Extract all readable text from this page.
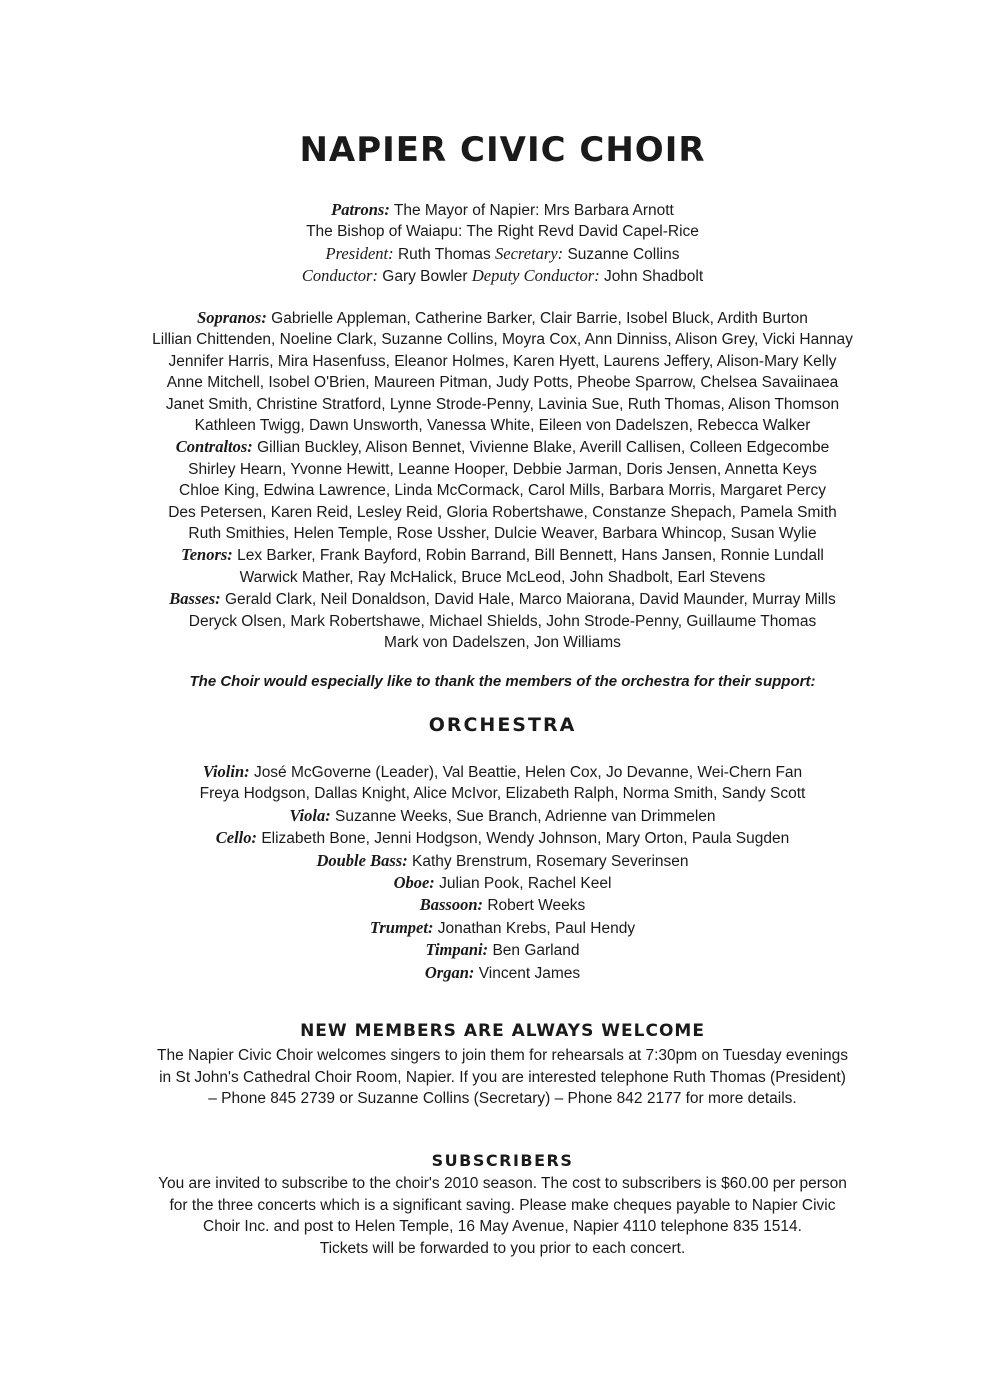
NAPIER CIVIC CHOIR
Patrons: The Mayor of Napier: Mrs Barbara Arnott
The Bishop of Waiapu: The Right Revd David Capel-Rice
President: Ruth Thomas Secretary: Suzanne Collins
Conductor: Gary Bowler Deputy Conductor: John Shadbolt
Sopranos: Gabrielle Appleman, Catherine Barker, Clair Barrie, Isobel Bluck, Ardith Burton
Lillian Chittenden, Noeline Clark, Suzanne Collins, Moyra Cox, Ann Dinniss, Alison Grey, Vicki Hannay
Jennifer Harris, Mira Hasenfuss, Eleanor Holmes, Karen Hyett, Laurens Jeffery, Alison-Mary Kelly
Anne Mitchell, Isobel O'Brien, Maureen Pitman, Judy Potts, Pheobe Sparrow, Chelsea Savaiinaea
Janet Smith, Christine Stratford, Lynne Strode-Penny, Lavinia Sue, Ruth Thomas, Alison Thomson
Kathleen Twigg, Dawn Unsworth, Vanessa White, Eileen von Dadelszen, Rebecca Walker
Contraltos: Gillian Buckley, Alison Bennet, Vivienne Blake, Averill Callisen, Colleen Edgecombe
Shirley Hearn, Yvonne Hewitt, Leanne Hooper, Debbie Jarman, Doris Jensen, Annetta Keys
Chloe King, Edwina Lawrence, Linda McCormack, Carol Mills, Barbara Morris, Margaret Percy
Des Petersen, Karen Reid, Lesley Reid, Gloria Robertshawe, Constanze Shepach, Pamela Smith
Ruth Smithies, Helen Temple, Rose Ussher, Dulcie Weaver, Barbara Whincop, Susan Wylie
Tenors: Lex Barker, Frank Bayford, Robin Barrand, Bill Bennett, Hans Jansen, Ronnie Lundall
Warwick Mather, Ray McHalick, Bruce McLeod, John Shadbolt, Earl Stevens
Basses: Gerald Clark, Neil Donaldson, David Hale, Marco Maiorana, David Maunder, Murray Mills
Deryck Olsen, Mark Robertshawe, Michael Shields, John Strode-Penny, Guillaume Thomas
Mark von Dadelszen, Jon Williams
The Choir would especially like to thank the members of the orchestra for their support:
ORCHESTRA
Violin: José McGoverne (Leader), Val Beattie, Helen Cox, Jo Devanne, Wei-Chern Fan
Freya Hodgson, Dallas Knight, Alice McIvor, Elizabeth Ralph, Norma Smith, Sandy Scott
Viola: Suzanne Weeks, Sue Branch, Adrienne van Drimmelen
Cello: Elizabeth Bone, Jenni Hodgson, Wendy Johnson, Mary Orton, Paula Sugden
Double Bass: Kathy Brenstrum, Rosemary Severinsen
Oboe: Julian Pook, Rachel Keel
Bassoon: Robert Weeks
Trumpet: Jonathan Krebs, Paul Hendy
Timpani: Ben Garland
Organ: Vincent James
NEW MEMBERS ARE ALWAYS WELCOME
The Napier Civic Choir welcomes singers to join them for rehearsals at 7:30pm on Tuesday evenings
in St John's Cathedral Choir Room, Napier. If you are interested telephone Ruth Thomas (President)
– Phone 845 2739 or Suzanne Collins (Secretary) – Phone 842 2177 for more details.
SUBSCRIBERS
You are invited to subscribe to the choir's 2010 season. The cost to subscribers is $60.00 per person
for the three concerts which is a significant saving. Please make cheques payable to Napier Civic
Choir Inc. and post to Helen Temple, 16 May Avenue, Napier 4110 telephone 835 1514.
Tickets will be forwarded to you prior to each concert.
